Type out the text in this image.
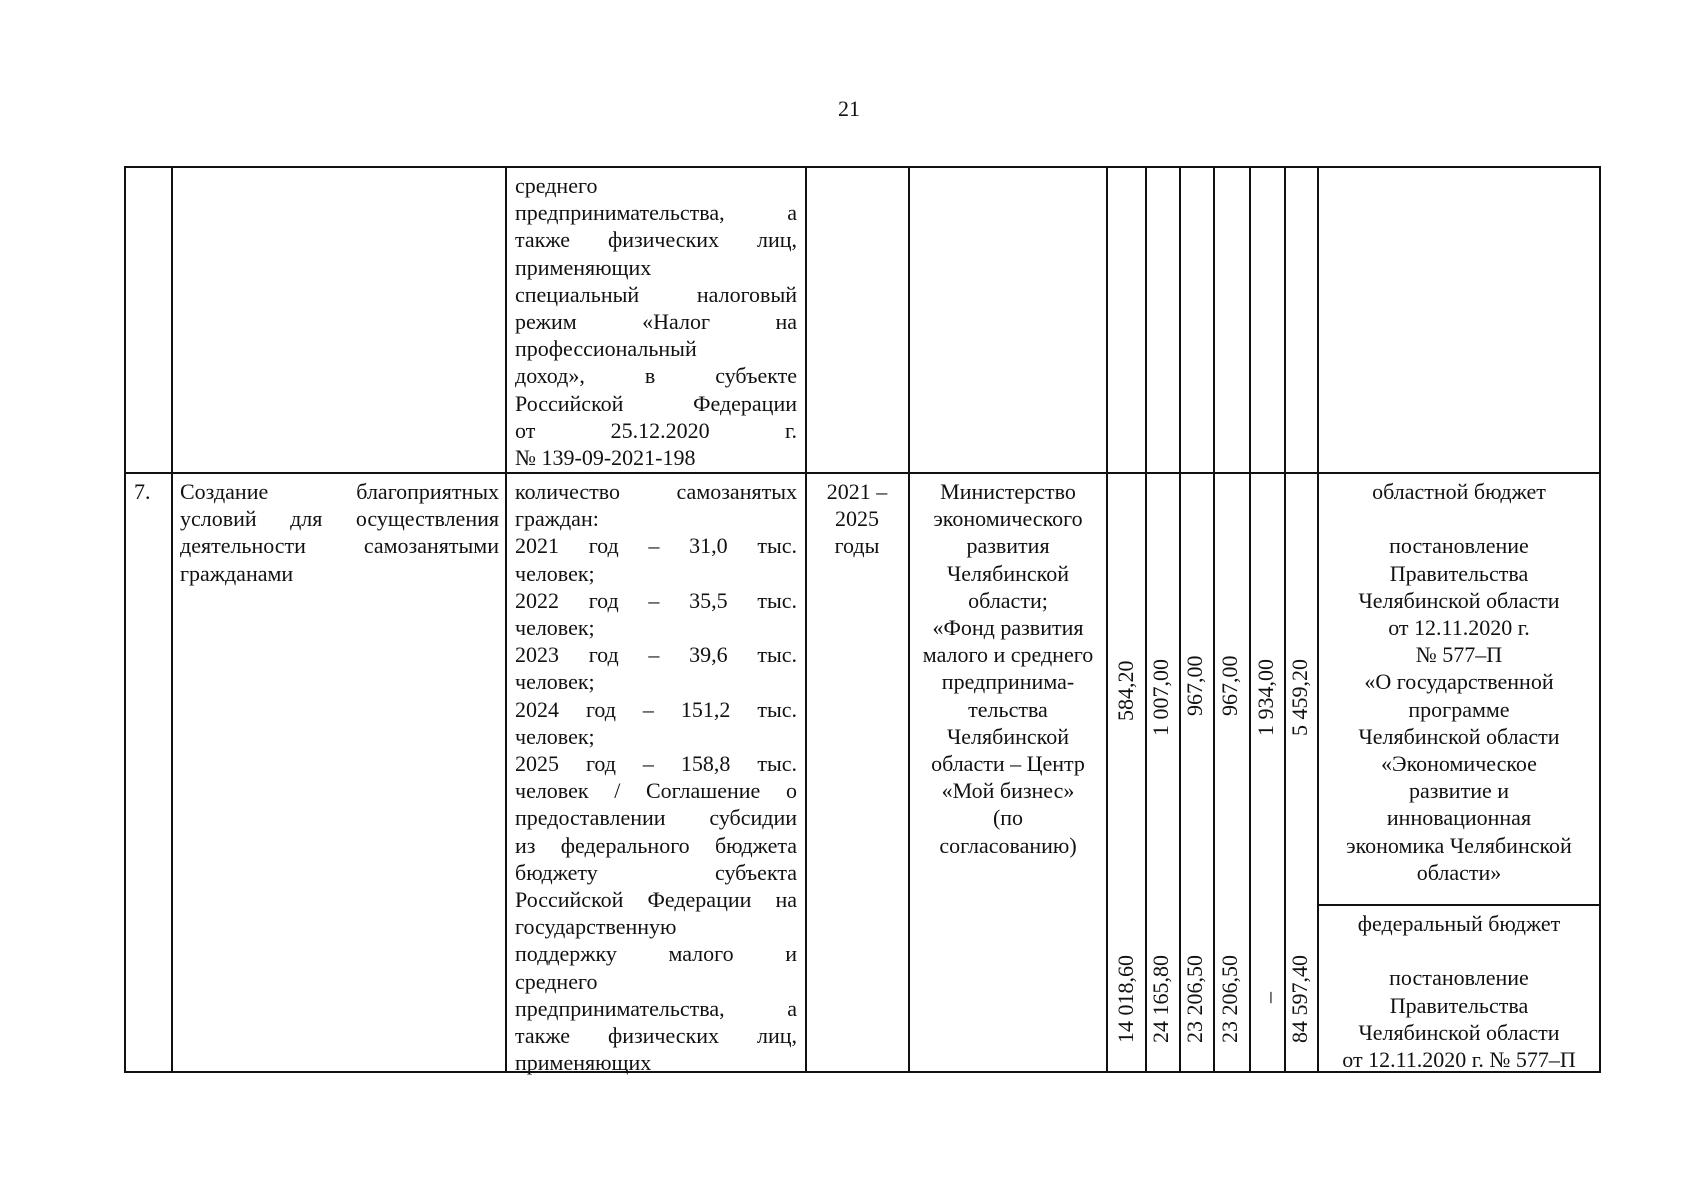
21
среднего
предпринимательства, а
также физических лиц,
применяющих
специальный налоговый
режим «Налог на
профессиональный
доход», в субъекте
Российской Федерации
от 25.12.2020 г.
№ 139-09-2021-198
7. Создание благоприятных
условий для осуществления
деятельности самозанятыми
гражданами
количество самозанятых
граждан:
2021 год – 31,0 тыс.
человек;
2022 год – 35,5 тыс.
человек;
2023 год – 39,6 тыс.
человек;
2024 год – 151,2 тыс.
человек;
2025 год – 158,8 тыс.
человек / Соглашение о
предоставлении субсидии
из федерального бюджета
бюджету субъекта
Российской Федерации на
государственную
поддержку малого и
среднего
предпринимательства, а
также физических лиц,
применяющих
2021 –
2025
годы
Министерство
экономического
развития
Челябинской
области;
«Фонд развития
малого и среднего
предпринима-
тельства
Челябинской
области – Центр
«Мой бизнес»
(по
согласованию)
584,20 1 007,00 967,00 967,00 1 934,00 5 459,20
14 018,60 24 165,80 23 206,50 23 206,50 – 84 597,40
областной бюджет
постановление
Правительства
Челябинской области
от 12.11.2020 г.
№ 577–П
«О государственной
программе
Челябинской области
«Экономическое
развитие и
инновационная
экономика Челябинской
области»
федеральный бюджет
постановление
Правительства
Челябинской области
от 12.11.2020 г. № 577–П
